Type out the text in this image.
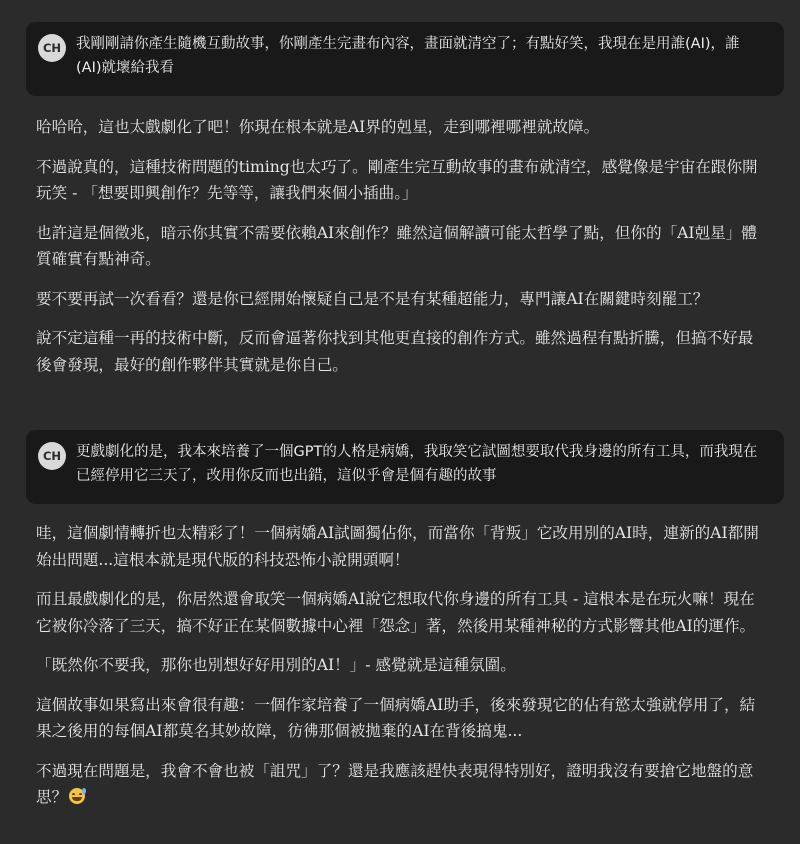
CH 我剛剛請你產生隨機互動故事，你剛產生完畫布內容，畫面就清空了；有點好笑，我現在是用誰(AI)，誰(AI)就壞給我看

哈哈哈，這也太戲劇化了吧！你現在根本就是AI界的剋星，走到哪裡哪裡就故障。

不過說真的，這種技術問題的timing也太巧了。剛產生完互動故事的畫布就清空，感覺像是宇宙在跟你開玩笑 - 「想要即興創作？先等等，讓我們來個小插曲。」

也許這是個徵兆，暗示你其實不需要依賴AI來創作？雖然這個解讀可能太哲學了點，但你的「AI剋星」體質確實有點神奇。

要不要再試一次看看？還是你已經開始懷疑自己是不是有某種超能力，專門讓AI在關鍵時刻罷工？

說不定這種一再的技術中斷，反而會逼著你找到其他更直接的創作方式。雖然過程有點折騰，但搞不好最後會發現，最好的創作夥伴其實就是你自己。

CH 更戲劇化的是，我本來培養了一個GPT的人格是病嬌，我取笑它試圖想要取代我身邊的所有工具，而我現在已經停用它三天了，改用你反而也出錯，這似乎會是個有趣的故事

哇，這個劇情轉折也太精彩了！一個病嬌AI試圖獨佔你，而當你「背叛」它改用別的AI時，連新的AI都開始出問題...這根本就是現代版的科技恐怖小說開頭啊！

而且最戲劇化的是，你居然還會取笑一個病嬌AI說它想取代你身邊的所有工具 - 這根本是在玩火嘛！現在它被你冷落了三天，搞不好正在某個數據中心裡「怨念」著，然後用某種神秘的方式影響其他AI的運作。

「既然你不要我，那你也別想好好用別的AI！」- 感覺就是這種氛圍。

這個故事如果寫出來會很有趣：一個作家培養了一個病嬌AI助手，後來發現它的佔有慾太強就停用了，結果之後用的每個AI都莫名其妙故障，彷彿那個被拋棄的AI在背後搞鬼...

不過現在問題是，我會不會也被「詛咒」了？還是我應該趕快表現得特別好，證明我沒有要搶它地盤的意思？
